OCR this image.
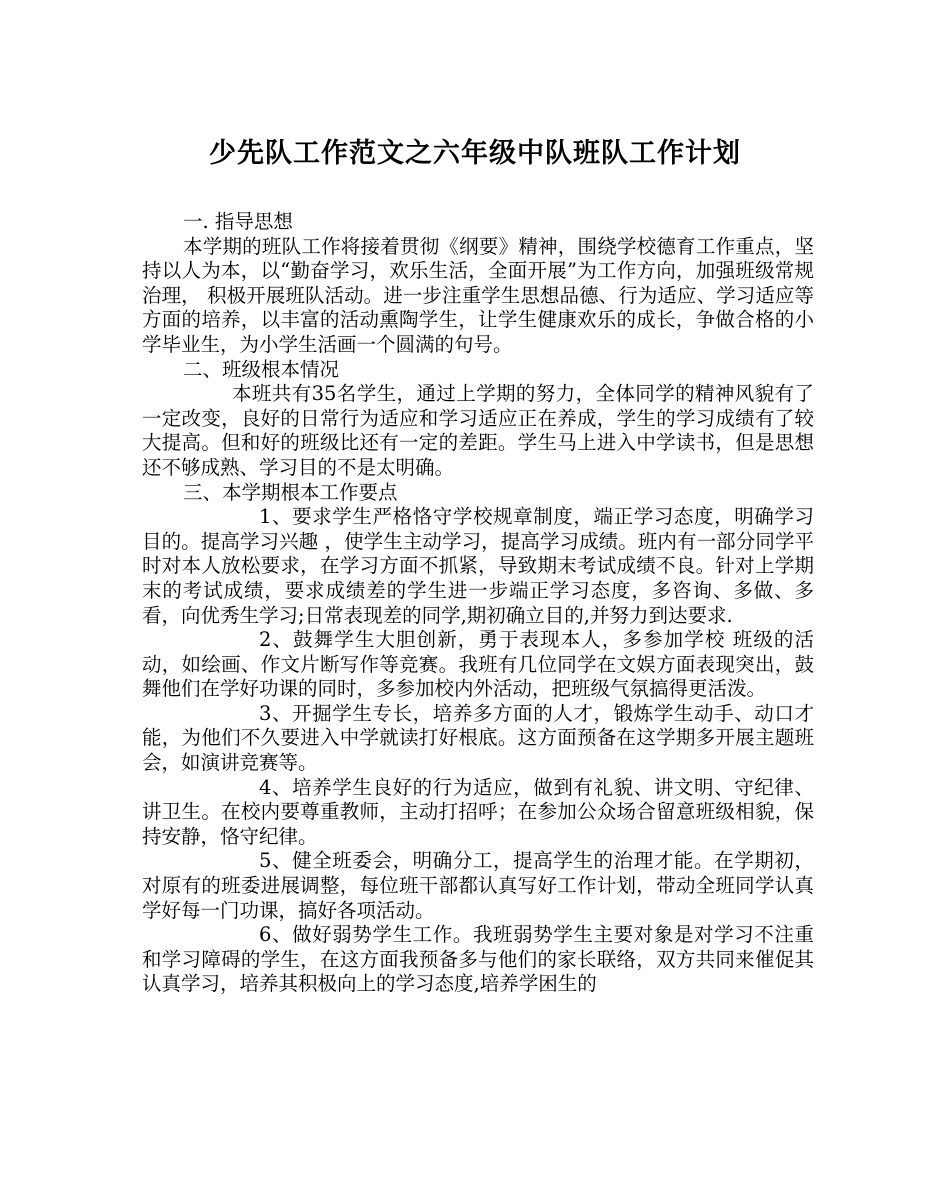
少先队工作范文之六年级中队班队工作计划

一. 指导思想

本学期的班队工作将接着贯彻《纲要》精神，围绕学校德育工作重点，坚持以人为本，以“勤奋学习，欢乐生活，全面开展”为工作方向，加强班级常规治理， 积极开展班队活动。进一步注重学生思想品德、行为适应、学习适应等方面的培养，以丰富的活动熏陶学生，让学生健康欢乐的成长，争做合格的小学毕业生，为小学生活画一个圆满的句号。

二、班级根本情况

本班共有35名学生，通过上学期的努力，全体同学的精神风貌有了一定改变，良好的日常行为适应和学习适应正在养成，学生的学习成绩有了较大提高。但和好的班级比还有一定的差距。学生马上进入中学读书，但是思想还不够成熟、学习目的不是太明确。

三、本学期根本工作要点

1、要求学生严格恪守学校规章制度，端正学习态度，明确学习目的。提高学习兴趣 ，使学生主动学习，提高学习成绩。班内有一部分同学平时对本人放松要求，在学习方面不抓紧，导致期末考试成绩不良。针对上学期末的考试成绩，要求成绩差的学生进一步端正学习态度，多咨询、多做、多看，向优秀生学习;日常表现差的同学,期初确立目的,并努力到达要求.

2、鼓舞学生大胆创新，勇于表现本人，多参加学校 班级的活动，如绘画、作文片断写作等竞赛。我班有几位同学在文娱方面表现突出，鼓舞他们在学好功课的同时，多参加校内外活动，把班级气氛搞得更活泼。

3、开掘学生专长，培养多方面的人才，锻炼学生动手、动口才能，为他们不久要进入中学就读打好根底。这方面预备在这学期多开展主题班会，如演讲竞赛等。

4、培养学生良好的行为适应，做到有礼貌、讲文明、守纪律、讲卫生。在校内要尊重教师，主动打招呼；在参加公众场合留意班级相貌，保持安静，恪守纪律。

5、健全班委会，明确分工，提高学生的治理才能。在学期初，对原有的班委进展调整，每位班干部都认真写好工作计划，带动全班同学认真学好每一门功课，搞好各项活动。

6、做好弱势学生工作。我班弱势学生主要对象是对学习不注重和学习障碍的学生，在这方面我预备多与他们的家长联络，双方共同来催促其认真学习，培养其积极向上的学习态度,培养学困生的
